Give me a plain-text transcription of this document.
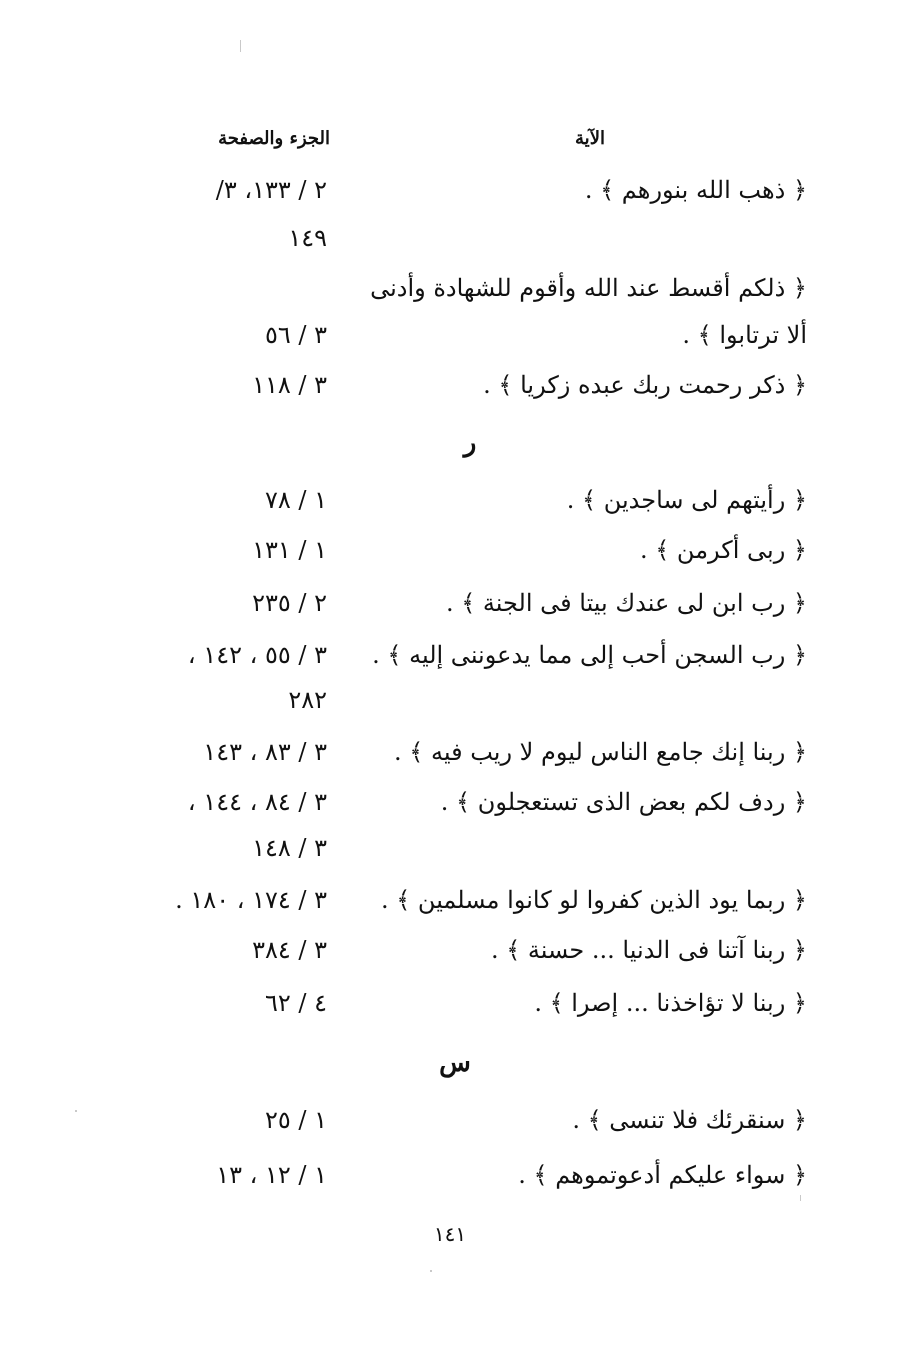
الآية
الجزء والصفحة
﴿ ذهب الله بنورهم ﴾ .
٢ / ١٣٣، ٣/
١٤٩
﴿ ذلكم أقسط عند الله وأقوم للشهادة وأدنى
ألا ترتابوا ﴾ .
٣ / ٥٦
﴿ ذكر رحمت ربك عبده زكريا ﴾ .
٣ / ١١٨
ر
﴿ رأيتهم لى ساجدين ﴾ .
١ / ٧٨
﴿ ربى أكرمن ﴾ .
١ / ١٣١
﴿ رب ابن لى عندك بيتا فى الجنة ﴾ .
٢ / ٢٣٥
﴿ رب السجن أحب إلى مما يدعوننى إليه ﴾ .
٣ / ٥٥ ، ١٤٢ ،
٢٨٢
﴿ ربنا إنك جامع الناس ليوم لا ريب فيه ﴾ .
٣ / ٨٣ ، ١٤٣
﴿ ردف لكم بعض الذى تستعجلون ﴾ .
٣ / ٨٤ ، ١٤٤ ،
٣ / ١٤٨
﴿ ربما يود الذين كفروا لو كانوا مسلمين ﴾ .
٣ / ١٧٤ ، ١٨٠ .
﴿ ربنا آتنا فى الدنيا ... حسنة ﴾ .
٣ / ٣٨٤
﴿ ربنا لا تؤاخذنا ... إصرا ﴾ .
٤ / ٦٢
س
﴿ سنقرئك فلا تنسى ﴾ .
١ / ٢٥
﴿ سواء عليكم أدعوتموهم ﴾ .
١ / ١٢ ، ١٣
١٤١
